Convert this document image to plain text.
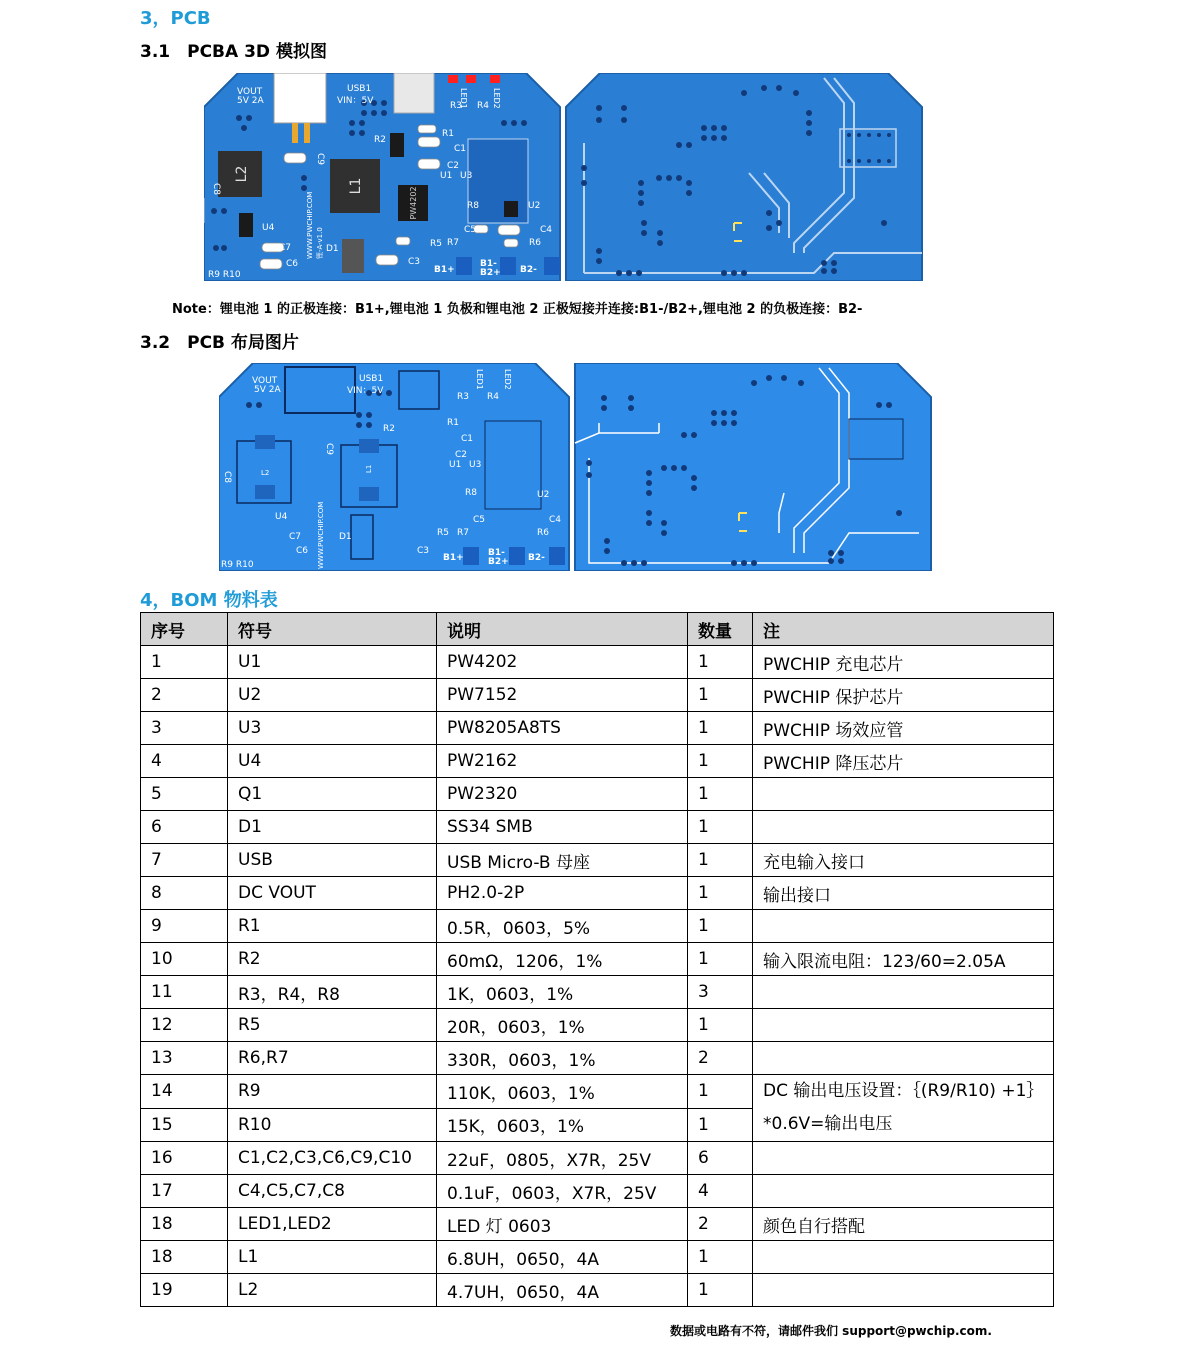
3，PCB
3.1　PCBA 3D 模拟图
L2
L1
PW4202
VOUT
5V 2A
USB1
VIN：5V
R1
R2
R3 R4
R8
R5 R7	R6
C1
C2
C3
C4
C5
C6
C7
C8
C9
U1 U3
U2
U4
D1
R9 R10	B1+
B1-
B2+ B2-
LED1	LED2
WWW.PWCHIP.COM 锂-A-v1.0
Note：锂电池 1 的正极连接：B1+,锂电池 1 负极和锂电池 2 正极短接并连接:B1-/B2+,锂电池 2 的负极连接：B2-
3.2　PCB 布局图片
VOUT
5V 2A
USB1
VIN：5V
R1
R2
R3 R4
R8
R5 R7	R6
C1
C2
C3
C4
C5
C6
C7
C8
C9
U1 U3
U2
U4
D1
L2	L1
R9 R10
B1+	B1-
B2+ B2-
LED1 LED2
WWW.PWCHIP.COM
4，BOM 物料表
序号	符号	说明	数量	注
1	U1	PW4202	1	PWCHIP 充电芯片
2	U2	PW7152	1	PWCHIP 保护芯片
3	U3	PW8205A8TS	1	PWCHIP 场效应管
4	U4	PW2162	1	PWCHIP 降压芯片
5	Q1	PW2320	1	
6	D1	SS34 SMB	1	
7	USB	USB Micro-B 母座	1	充电输入接口
8	DC VOUT	PH2.0-2P	1	输出接口
9	R1	0.5R，0603，5%	1	
10	R2	60mΩ，1206，1%	1	输入限流电阻：123/60=2.05A
11	R3，R4，R8	1K，0603，1%	3	
12	R5	20R，0603，1%	1	
13	R6,R7	330R，0603，1%	2	
14	R9	110K，0603，1%	1	DC 输出电压设置：｛(R9/R10) +1｝*0.6V=输出电压
15	R10	15K，0603，1%	1	
16	C1,C2,C3,C6,C9,C10	22uF，0805，X7R，25V	6	
17	C4,C5,C7,C8	0.1uF，0603，X7R，25V	4	
18	LED1,LED2	LED 灯 0603	2	颜色自行搭配
18	L1	6.8UH，0650，4A	1	
19	L2	4.7UH，0650，4A	1	
数据或电路有不符，请邮件我们 support@pwchip.com.
